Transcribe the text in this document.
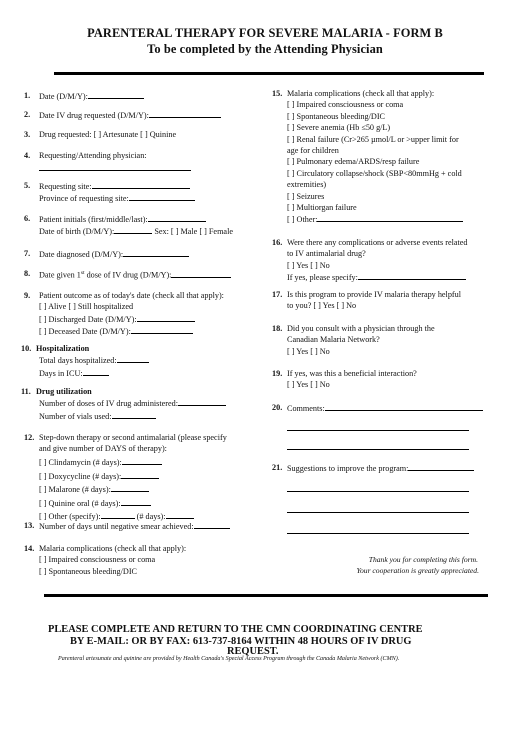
PARENTERAL THERAPY FOR SEVERE MALARIA - FORM B
To be completed by the Attending Physician
1. Date (D/M/Y):
2. Date IV drug requested (D/M/Y):
3. Drug requested: [ ] Artesunate [ ] Quinine
4. Requesting/Attending physician:
5. Requesting site:
Province of requesting site:
6. Patient initials (first/middle/last):
Date of birth (D/M/Y):	Sex: [ ] Male [ ] Female
7. Date diagnosed (D/M/Y):
8. Date given 1st dose of IV drug (D/M/Y):
9. Patient outcome as of today's date (check all that apply):
[ ] Alive [ ] Still hospitalized
[ ] Discharged Date (D/M/Y):
[ ] Deceased Date (D/M/Y):
10. Hospitalization
Total days hospitalized:
Days in ICU:
11. Drug utilization
Number of doses of IV drug administered:
Number of vials used:
12. Step-down therapy or second antimalarial (please specify
and give number of DAYS of therapy):
[ ] Clindamycin (# days):
[ ] Doxycycline (# days):
[ ] Malarone (# days):
[ ] Quinine oral (# days):
[ ] Other (specify):	(# days):
13. Number of days until negative smear achieved:
14. Malaria complications (check all that apply):
[ ] Impaired consciousness or coma
[ ] Spontaneous bleeding/DIC
15. Malaria complications (check all that apply):
[ ] Impaired consciousness or coma
[ ] Spontaneous bleeding/DIC
[ ] Severe anemia (Hb ≤50 g/L)
[ ] Renal failure (Cr>265 µmol/L or >upper limit for
age for children
[ ] Pulmonary edema/ARDS/resp failure
[ ] Circulatory collapse/shock (SBP<80mmHg + cold
extremities)
[ ] Seizures
[ ] Multiorgan failure
[ ] Other:
16. Were there any complications or adverse events related
to IV antimalarial drug?
[ ] Yes [ ] No
If yes, please specify:
17. Is this program to provide IV malaria therapy helpful
to you? [ ] Yes [ ] No
18. Did you consult with a physician through the
Canadian Malaria Network?
[ ] Yes [ ] No
19. If yes, was this a beneficial interaction?
[ ] Yes [ ] No
20. Comments:
21. Suggestions to improve the program:
Thank you for completing this form.
Your cooperation is greatly appreciated.
PLEASE COMPLETE AND RETURN TO THE CMN COORDINATING CENTRE
BY E-MAIL: OR BY FAX: 613-737-8164 WITHIN 48 HOURS OF IV DRUG
REQUEST.
Parenteral artesunate and quinine are provided by Health Canada's Special Access Program through the Canada Malaria Network (CMN).
